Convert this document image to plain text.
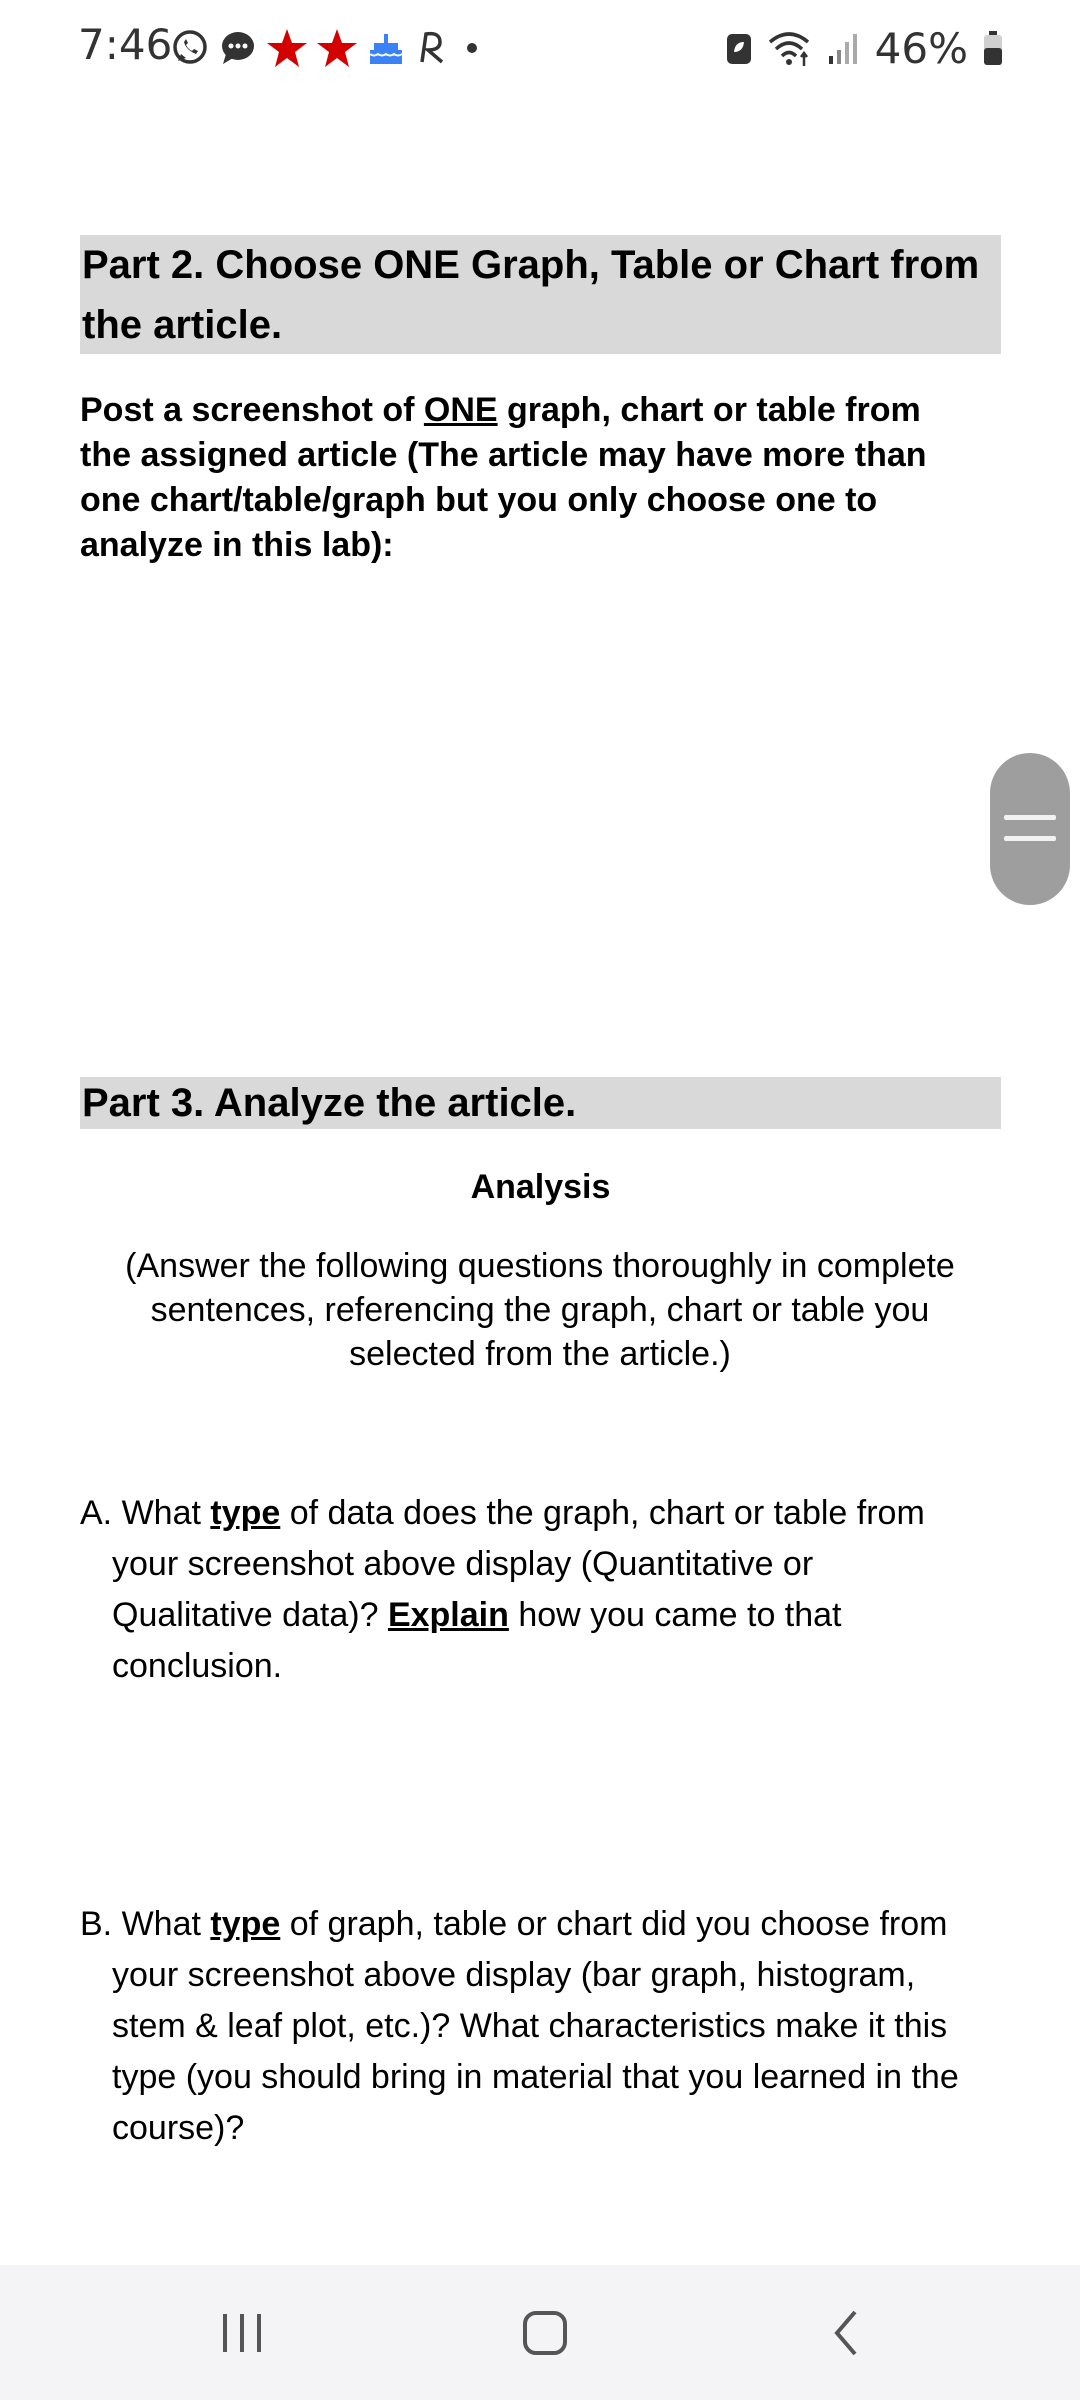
7:46	46%
Part 2. Choose ONE Graph, Table or Chart from the article.
Post a screenshot of ONE graph, chart or table from the assigned article (The article may have more than one chart/table/graph but you only choose one to analyze in this lab):
Part 3. Analyze the article.
Analysis
(Answer the following questions thoroughly in complete sentences, referencing the graph, chart or table you selected from the article.)
A. What type of data does the graph, chart or table from
your screenshot above display (Quantitative or
Qualitative data)? Explain how you came to that
conclusion.
B. What type of graph, table or chart did you choose from
your screenshot above display (bar graph, histogram,
stem & leaf plot, etc.)? What characteristics make it this
type (you should bring in material that you learned in the
course)?
